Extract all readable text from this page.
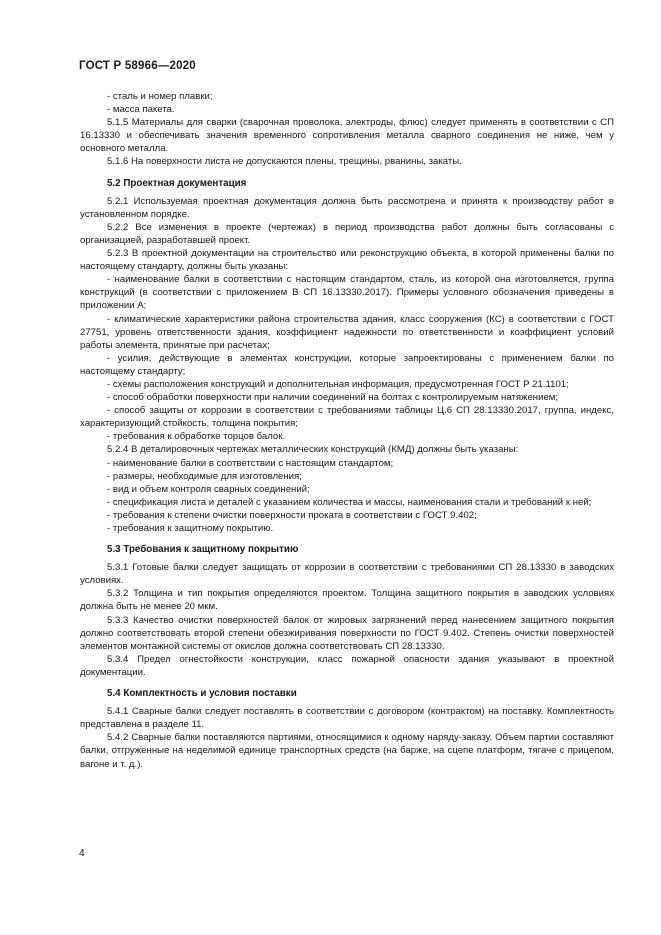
ГОСТ Р 58966—2020

- сталь и номер плавки;

- масса пакета.

5.1.5 Материалы для сварки (сварочная проволока, электроды, флюс) следует применять в соответствии с СП 16.13330 и обеспечивать значения временного сопротивления металла сварного соединения не ниже, чем у основного металла.

5.1.6 На поверхности листа не допускаются плены, трещины, рванины, закаты.

5.2 Проектная документация

5.2.1 Используемая проектная документация должна быть рассмотрена и принята к производству работ в установленном порядке.

5.2.2 Все изменения в проекте (чертежах) в период производства работ должны быть согласованы с организацией, разработавшей проект.

5.2.3 В проектной документации на строительство или реконструкцию объекта, в которой применены балки по настоящему стандарту, должны быть указаны:

- наименование балки в соответствии с настоящим стандартом, сталь, из которой она изготовляется, группа конструкций (в соответствии с приложением В СП 16.13330.2017). Примеры условного обозначения приведены в приложении А;

- климатические характеристики района строительства здания, класс сооружения (КС) в соответствии с ГОСТ 27751, уровень ответственности здания, коэффициент надежности по ответственности и коэффициент условий работы элемента, принятые при расчетах;

- усилия, действующие в элементах конструкции, которые запроектированы с применением балки по настоящему стандарту;

- схемы расположения конструкций и дополнительная информация, предусмотренная ГОСТ Р 21.1101;

- способ обработки поверхности при наличии соединений на болтах с контролируемым натяжением;

- способ защиты от коррозии в соответствии с требованиями таблицы Ц.6 СП 28.13330.2017, группа, индекс, характеризующий стойкость, толщина покрытия;

- требования к обработке торцов балок.

5.2.4 В деталировочных чертежах металлических конструкций (КМД) должны быть указаны:

- наименование балки в соответствии с настоящим стандартом;

- размеры, необходимые для изготовления;

- вид и объем контроля сварных соединений;

- спецификация листа и деталей с указанием количества и массы, наименования стали и требований к ней;

- требования к степени очистки поверхности проката в соответствии с ГОСТ 9.402;

- требования к защитному покрытию.

5.3 Требования к защитному покрытию

5.3.1 Готовые балки следует защищать от коррозии в соответствии с требованиями СП 28.13330 в заводских условиях.

5.3.2 Толщина и тип покрытия определяются проектом. Толщина защитного покрытия в заводских условиях должна быть не менее 20 мкм.

5.3.3 Качество очистки поверхностей балок от жировых загрязнений перед нанесением защитного покрытия должно соответствовать второй степени обезжиривания поверхности по ГОСТ 9.402. Степень очистки поверхностей элементов монтажной системы от окислов должна соответствовать СП 28.13330.

5.3.4 Предел огнестойкости конструкции, класс пожарной опасности здания указывают в проектной документации.

5.4 Комплектность и условия поставки

5.4.1 Сварные балки следует поставлять в соответствии с договором (контрактом) на поставку. Комплектность представлена в разделе 11.

5.4.2 Сварные балки поставляются партиями, относящимися к одному наряду-заказу. Объем партии составляют балки, отгруженные на неделимой единице транспортных средств (на барже, на сцепе платформ, тягаче с прицепом, вагоне и т. д.).

4
